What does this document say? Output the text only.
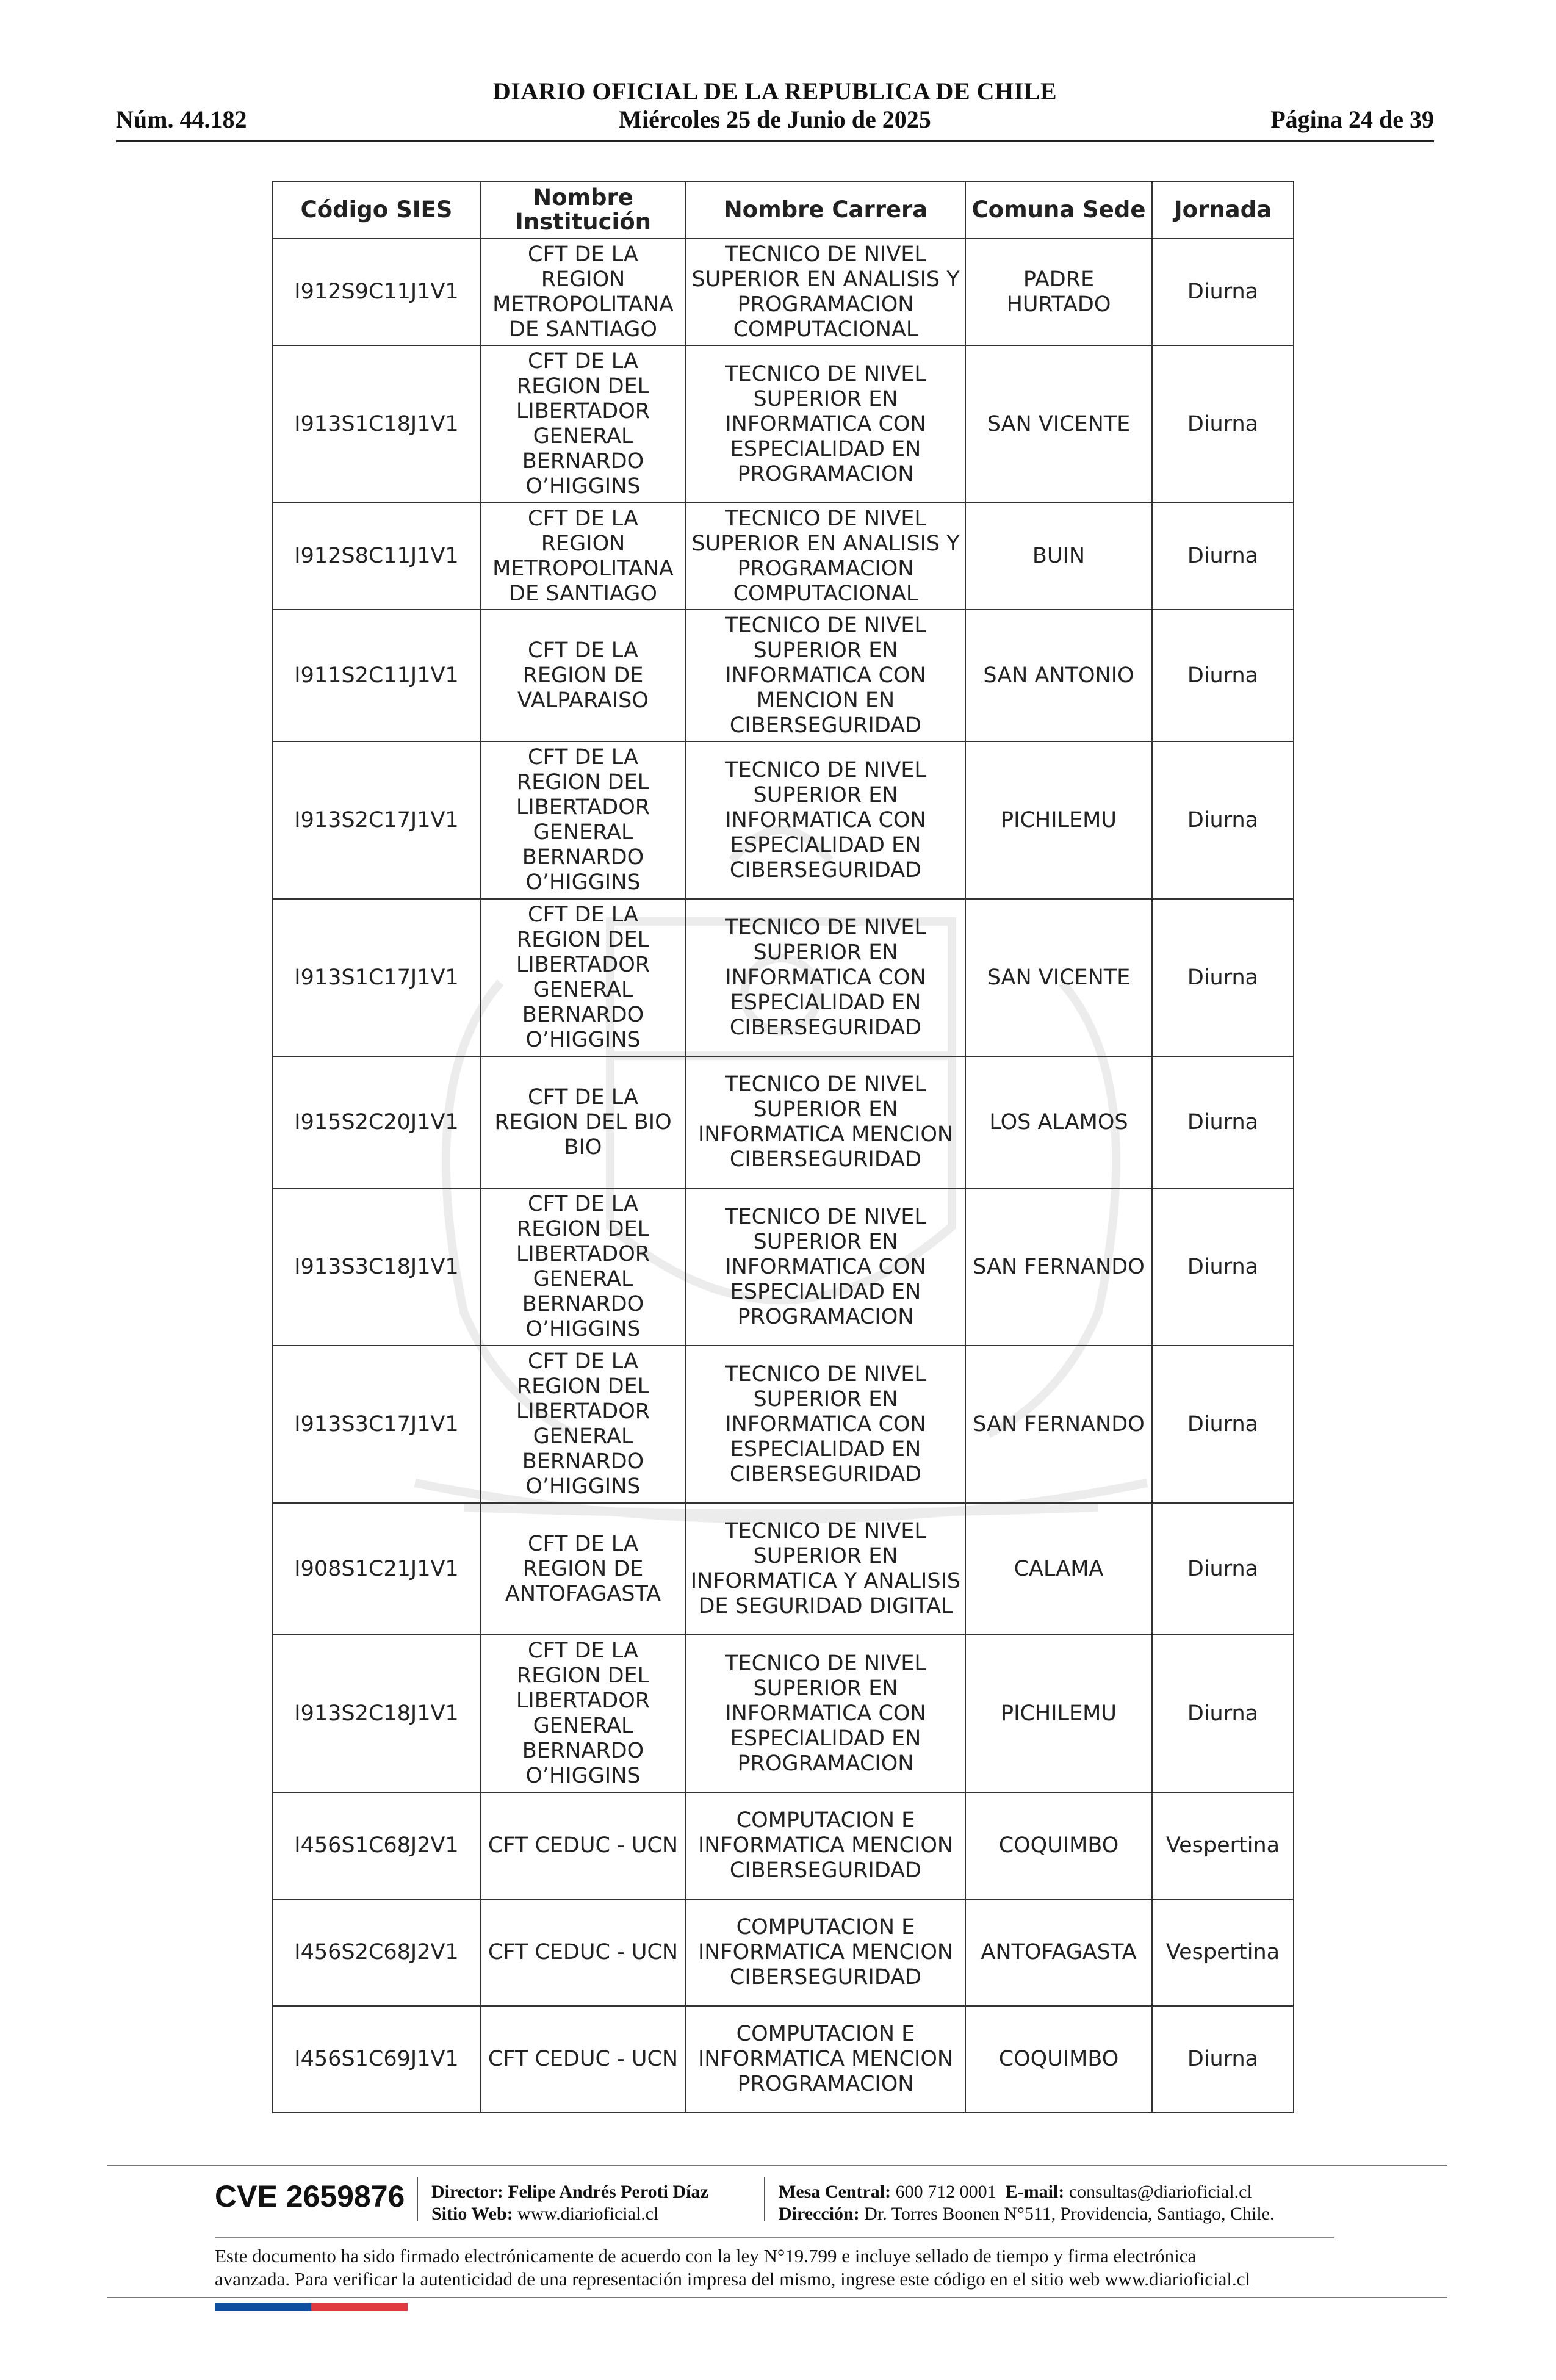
DIARIO OFICIAL DE LA REPUBLICA DE CHILE
Núm. 44.182	Miércoles 25 de Junio de 2025	Página 24 de 39
Código SIES	Nombre Institución	Nombre Carrera	Comuna Sede	Jornada
I912S9C11J1V1	CFT DE LA REGION METROPOLITANA DE SANTIAGO	TECNICO DE NIVEL SUPERIOR EN ANALISIS Y PROGRAMACION COMPUTACIONAL	PADRE HURTADO	Diurna
I913S1C18J1V1	CFT DE LA REGION DEL LIBERTADOR GENERAL BERNARDO O’HIGGINS	TECNICO DE NIVEL SUPERIOR EN INFORMATICA CON ESPECIALIDAD EN PROGRAMACION	SAN VICENTE	Diurna
I912S8C11J1V1	CFT DE LA REGION METROPOLITANA DE SANTIAGO	TECNICO DE NIVEL SUPERIOR EN ANALISIS Y PROGRAMACION COMPUTACIONAL	BUIN	Diurna
I911S2C11J1V1	CFT DE LA REGION DE VALPARAISO	TECNICO DE NIVEL SUPERIOR EN INFORMATICA CON MENCION EN CIBERSEGURIDAD	SAN ANTONIO	Diurna
I913S2C17J1V1	CFT DE LA REGION DEL LIBERTADOR GENERAL BERNARDO O’HIGGINS	TECNICO DE NIVEL SUPERIOR EN INFORMATICA CON ESPECIALIDAD EN CIBERSEGURIDAD	PICHILEMU	Diurna
I913S1C17J1V1	CFT DE LA REGION DEL LIBERTADOR GENERAL BERNARDO O’HIGGINS	TECNICO DE NIVEL SUPERIOR EN INFORMATICA CON ESPECIALIDAD EN CIBERSEGURIDAD	SAN VICENTE	Diurna
I915S2C20J1V1	CFT DE LA REGION DEL BIO BIO	TECNICO DE NIVEL SUPERIOR EN INFORMATICA MENCION CIBERSEGURIDAD	LOS ALAMOS	Diurna
I913S3C18J1V1	CFT DE LA REGION DEL LIBERTADOR GENERAL BERNARDO O’HIGGINS	TECNICO DE NIVEL SUPERIOR EN INFORMATICA CON ESPECIALIDAD EN PROGRAMACION	SAN FERNANDO	Diurna
I913S3C17J1V1	CFT DE LA REGION DEL LIBERTADOR GENERAL BERNARDO O’HIGGINS	TECNICO DE NIVEL SUPERIOR EN INFORMATICA CON ESPECIALIDAD EN CIBERSEGURIDAD	SAN FERNANDO	Diurna
I908S1C21J1V1	CFT DE LA REGION DE ANTOFAGASTA	TECNICO DE NIVEL SUPERIOR EN INFORMATICA Y ANALISIS DE SEGURIDAD DIGITAL	CALAMA	Diurna
I913S2C18J1V1	CFT DE LA REGION DEL LIBERTADOR GENERAL BERNARDO O’HIGGINS	TECNICO DE NIVEL SUPERIOR EN INFORMATICA CON ESPECIALIDAD EN PROGRAMACION	PICHILEMU	Diurna
I456S1C68J2V1	CFT CEDUC - UCN	COMPUTACION E INFORMATICA MENCION CIBERSEGURIDAD	COQUIMBO	Vespertina
I456S2C68J2V1	CFT CEDUC - UCN	COMPUTACION E INFORMATICA MENCION CIBERSEGURIDAD	ANTOFAGASTA	Vespertina
I456S1C69J1V1	CFT CEDUC - UCN	COMPUTACION E INFORMATICA MENCION PROGRAMACION	COQUIMBO	Diurna
CVE 2659876 Director: Felipe Andrés Peroti Díaz
Sitio Web: www.diarioficial.cl
Mesa Central: 600 712 0001 E-mail: consultas@diarioficial.cl
Dirección: Dr. Torres Boonen N°511, Providencia, Santiago, Chile.
Este documento ha sido firmado electrónicamente de acuerdo con la ley N°19.799 e incluye sellado de tiempo y firma electrónica
avanzada. Para verificar la autenticidad de una representación impresa del mismo, ingrese este código en el sitio web www.diarioficial.cl
